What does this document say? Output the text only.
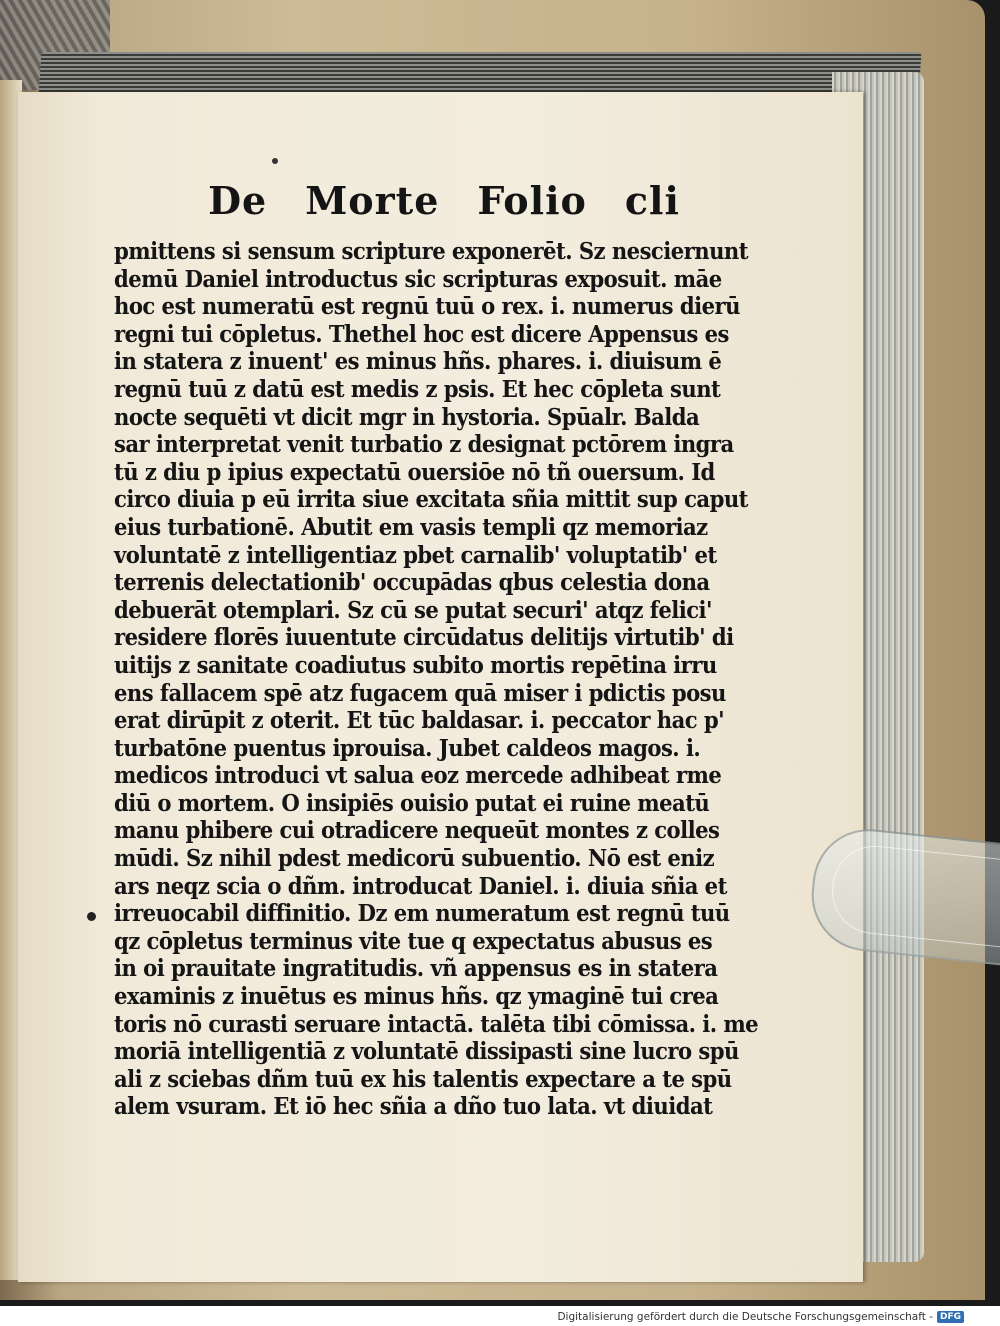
De Morte Folio cli
pmittens si sensum scripture exponerēt. Sz nesciernunt
demū Daniel introductus sic scripturas exposuit. māe
hoc est numeratū est regnū tuū o rex. i. numerus dierū
regni tui cōpletus. Thethel hoc est dicere Appensus es
in statera z inuent' es minus hñs. phares. i. diuisum ē
regnū tuū z datū est medis z psis. Et hec cōpleta sunt
nocte sequēti vt dicit mgr in hystoria. Spūalr. Balda
sar interpretat venit turbatio z designat pctōrem ingra
tū z diu p ipius expectatū ouersiōe nō tñ ouersum. Id
circo diuia p eū irrita siue excitata sñia mittit sup caput
eius turbationē. Abutit em vasis templi qz memoriaz
voluntatē z intelligentiaz pbet carnalib' voluptatib' et
terrenis delectationib' occupādas qbus celestia dona
debuerāt otemplari. Sz cū se putat securi' atqz felici'
residere florēs iuuentute circūdatus delitijs virtutib' di
uitijs z sanitate coadiutus subito mortis repētina irru
ens fallacem spē atz fugacem quā miser i pdictis posu
erat dirūpit z oterit. Et tūc baldasar. i. peccator hac p'
turbatōne puentus iprouisa. Jubet caldeos magos. i.
medicos introduci vt salua eoz mercede adhibeat rme
diū o mortem. O insipiēs ouisio putat ei ruine meatū
manu phibere cui otradicere nequeūt montes z colles
mūdi. Sz nihil pdest medicorū subuentio. Nō est eniz
ars neqz scia o dñm. introducat Daniel. i. diuia sñia et
irreuocabil diffinitio. Dz em numeratum est regnū tuū
qz cōpletus terminus vite tue q expectatus abusus es
in oi prauitate ingratitudis. vñ appensus es in statera
examinis z inuētus es minus hñs. qz ymaginē tui crea
toris nō curasti seruare intactā. talēta tibi cōmissa. i. me
moriā intelligentiā z voluntatē dissipasti sine lucro spū
ali z sciebas dñm tuū ex his talentis expectare a te spū
alem vsuram. Et iō hec sñia a dño tuo lata. vt diuidat
Digitalisierung gefördert durch die Deutsche Forschungsgemeinschaft - DFG
